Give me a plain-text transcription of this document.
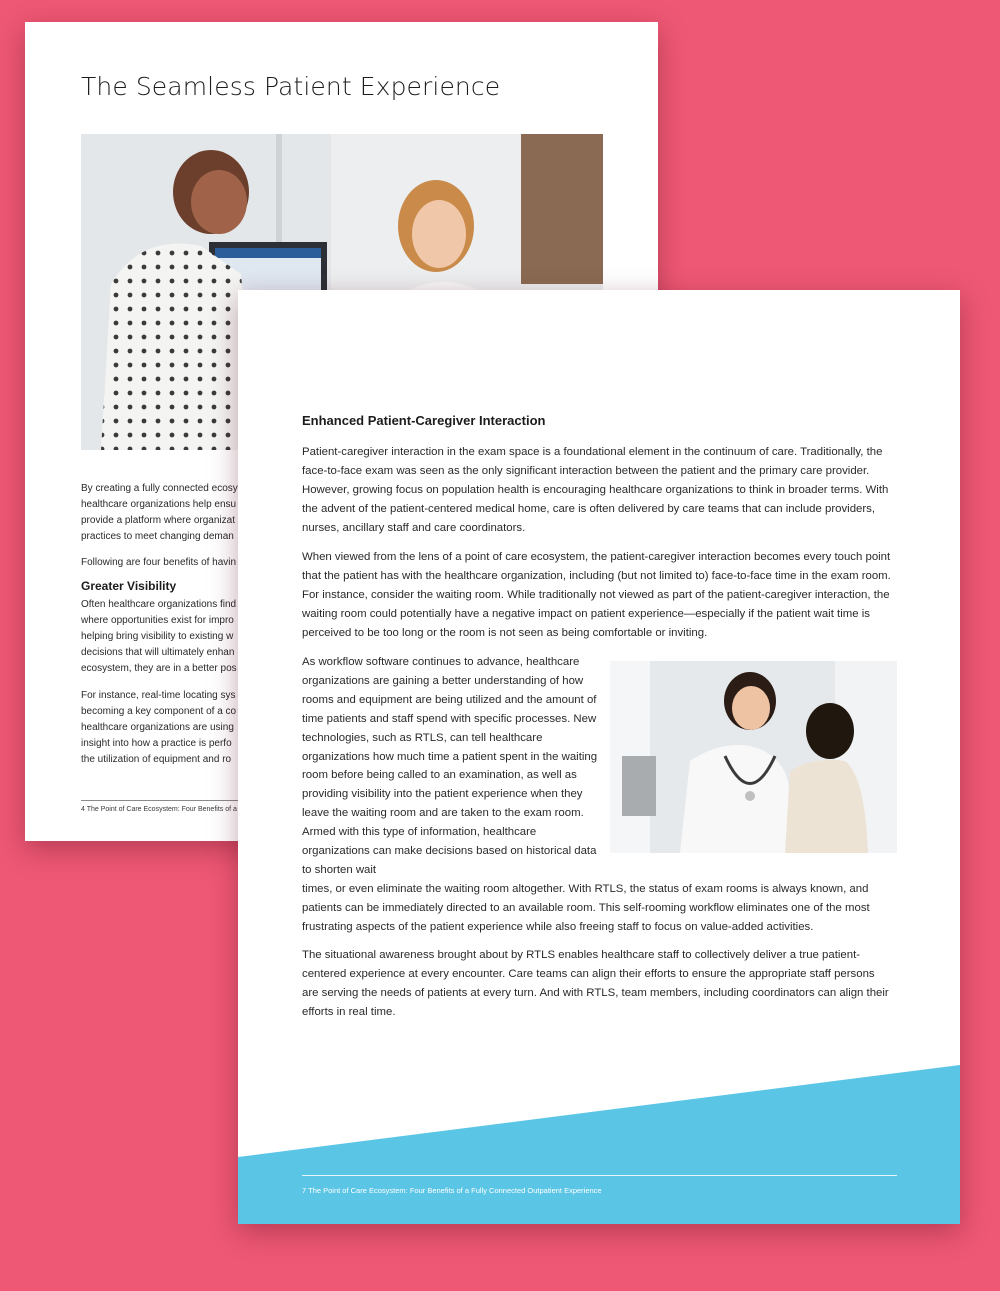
The Seamless Patient Experience

By creating a fully connected ecosy
healthcare organizations help ensu
provide a platform where organizat
practices to meet changing deman

Following are four benefits of havin

Greater Visibility

Often healthcare organizations find
where opportunities exist for impro
helping bring visibility to existing w
decisions that will ultimately enhan
ecosystem, they are in a better pos

For instance, real-time locating sys
becoming a key component of a co
healthcare organizations are using
insight into how a practice is perfo
the utilization of equipment and ro

4 The Point of Care Ecosystem: Four Benefits of a
Enhanced Patient-Caregiver Interaction

Patient-caregiver interaction in the exam space is a foundational element in the continuum of care. Traditionally, the face-to-face exam was seen as the only significant interaction between the patient and the primary care provider. However, growing focus on population health is encouraging healthcare organizations to think in broader terms. With the advent of the patient-centered medical home, care is often delivered by care teams that can include providers, nurses, ancillary staff and care coordinators.

When viewed from the lens of a point of care ecosystem, the patient-caregiver interaction becomes every touch point that the patient has with the healthcare organization, including (but not limited to) face-to-face time in the exam room. For instance, consider the waiting room. While traditionally not viewed as part of the patient-caregiver interaction, the waiting room could potentially have a negative impact on patient experience—especially if the patient wait time is perceived to be too long or the room is not seen as being comfortable or inviting.

As workflow software continues to advance, healthcare organizations are gaining a better understanding of how rooms and equipment are being utilized and the amount of time patients and staff spend with specific processes. New technologies, such as RTLS, can tell healthcare organizations how much time a patient spent in the waiting room before being called to an examination, as well as providing visibility into the patient experience when they leave the waiting room and are taken to the exam room. Armed with this type of information, healthcare organizations can make decisions based on historical data to shorten wait

times, or even eliminate the waiting room altogether. With RTLS, the status of exam rooms is always known, and patients can be immediately directed to an available room. This self-rooming workflow eliminates one of the most frustrating aspects of the patient experience while also freeing staff to focus on value-added activities.

The situational awareness brought about by RTLS enables healthcare staff to collectively deliver a true patient-centered experience at every encounter. Care teams can align their efforts to ensure the appropriate staff persons are serving the needs of patients at every turn. And with RTLS, team members, including coordinators can align their efforts in real time.

7 The Point of Care Ecosystem: Four Benefits of a Fully Connected Outpatient Experience
